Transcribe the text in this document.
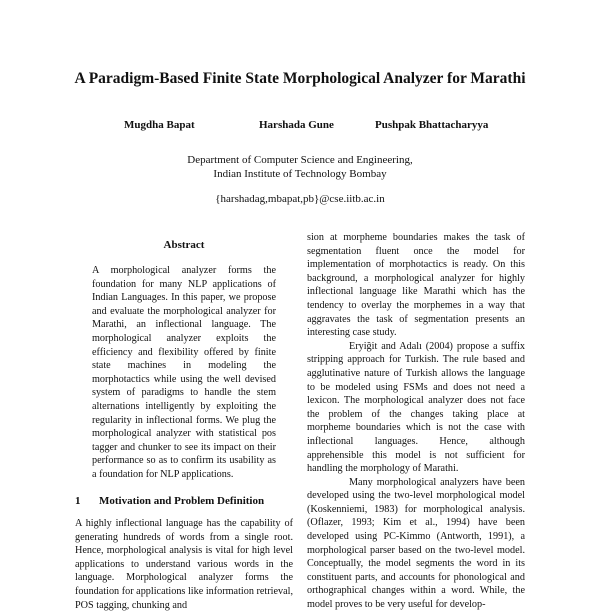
A Paradigm-Based Finite State Morphological Analyzer for Marathi
Mugdha Bapat	Harshada Gune	Pushpak Bhattacharyya
Department of Computer Science and Engineering,
Indian Institute of Technology Bombay
{harshadag,mbapat,pb}@cse.iitb.ac.in
Abstract

A morphological analyzer forms the foundation for many NLP applications of Indian Languages. In this paper, we propose and evaluate the morphological analyzer for Marathi, an inflectional language. The morphological analyzer exploits the efficiency and flexibility offered by finite state machines in modeling the morphotactics while using the well devised system of paradigms to handle the stem alternations intelligently by exploiting the regularity in inflectional forms. We plug the morphological analyzer with statistical pos tagger and chunker to see its impact on their performance so as to confirm its usability as a foundation for NLP applications.

1 Motivation and Problem Definition

A highly inflectional language has the capability of generating hundreds of words from a single root. Hence, morphological analysis is vital for high level applications to understand various words in the language. Morphological analyzer forms the foundation for applications like information retrieval, POS tagging, chunking and

sion at morpheme boundaries makes the task of segmentation fluent once the model for implementation of morphotactics is ready. On this background, a morphological analyzer for highly inflectional language like Marathi which has the tendency to overlay the morphemes in a way that aggravates the task of segmentation presents an interesting case study.

Eryiğit and Adalı (2004) propose a suffix stripping approach for Turkish. The rule based and agglutinative nature of Turkish allows the language to be modeled using FSMs and does not need a lexicon. The morphological analyzer does not face the problem of the changes taking place at morpheme boundaries which is not the case with inflectional languages. Hence, although apprehensible this model is not sufficient for handling the morphology of Marathi.

Many morphological analyzers have been developed using the two-level morphological model (Koskenniemi, 1983) for morphological analysis. (Oflazer, 1993; Kim et al., 1994) have been developed using PC-Kimmo (Antworth, 1991), a morphological parser based on the two-level model. Conceptually, the model segments the word in its constituent parts, and accounts for phonological and orthographical changes within a word. While, the model proves to be very useful for develop-
